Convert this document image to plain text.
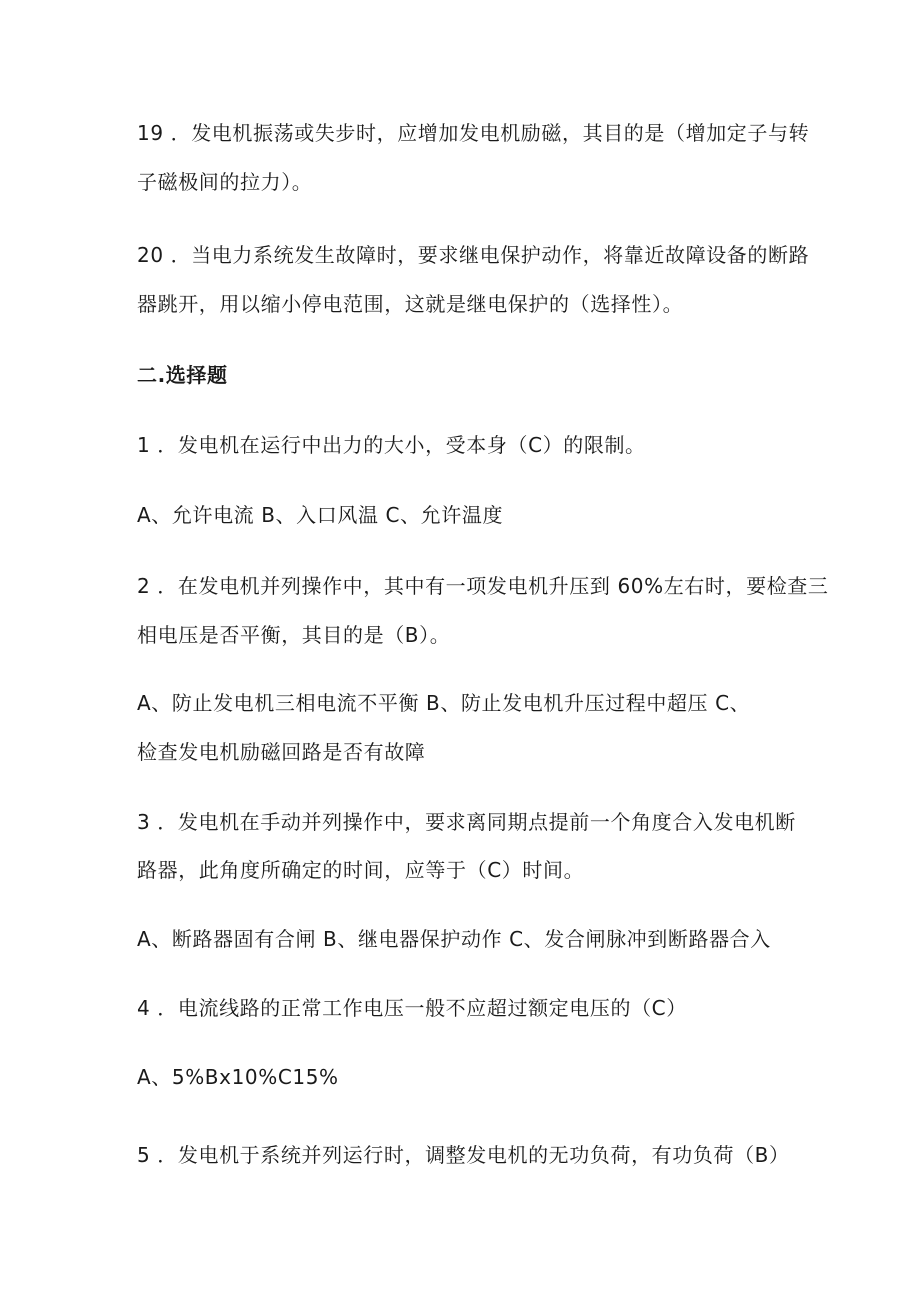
19 ．发电机振荡或失步时，应增加发电机励磁，其目的是（增加定子与转
子磁极间的拉力）。
20 ．当电力系统发生故障时，要求继电保护动作，将靠近故障设备的断路
器跳开，用以缩小停电范围，这就是继电保护的（选择性）。
二.选择题
1 ．发电机在运行中出力的大小，受本身（C）的限制。
A、允许电流 B、入口风温 C、允许温度
2 ．在发电机并列操作中，其中有一项发电机升压到 60%左右时，要检查三
相电压是否平衡，其目的是（B）。
A、防止发电机三相电流不平衡 B、防止发电机升压过程中超压 C、
检查发电机励磁回路是否有故障
3 ．发电机在手动并列操作中，要求离同期点提前一个角度合入发电机断
路器，此角度所确定的时间，应等于（C）时间。
A、断路器固有合闸 B、继电器保护动作 C、发合闸脉冲到断路器合入
4 ．电流线路的正常工作电压一般不应超过额定电压的（C）
A、5%Bx10%C15%
5 ．发电机于系统并列运行时，调整发电机的无功负荷，有功负荷（B）
